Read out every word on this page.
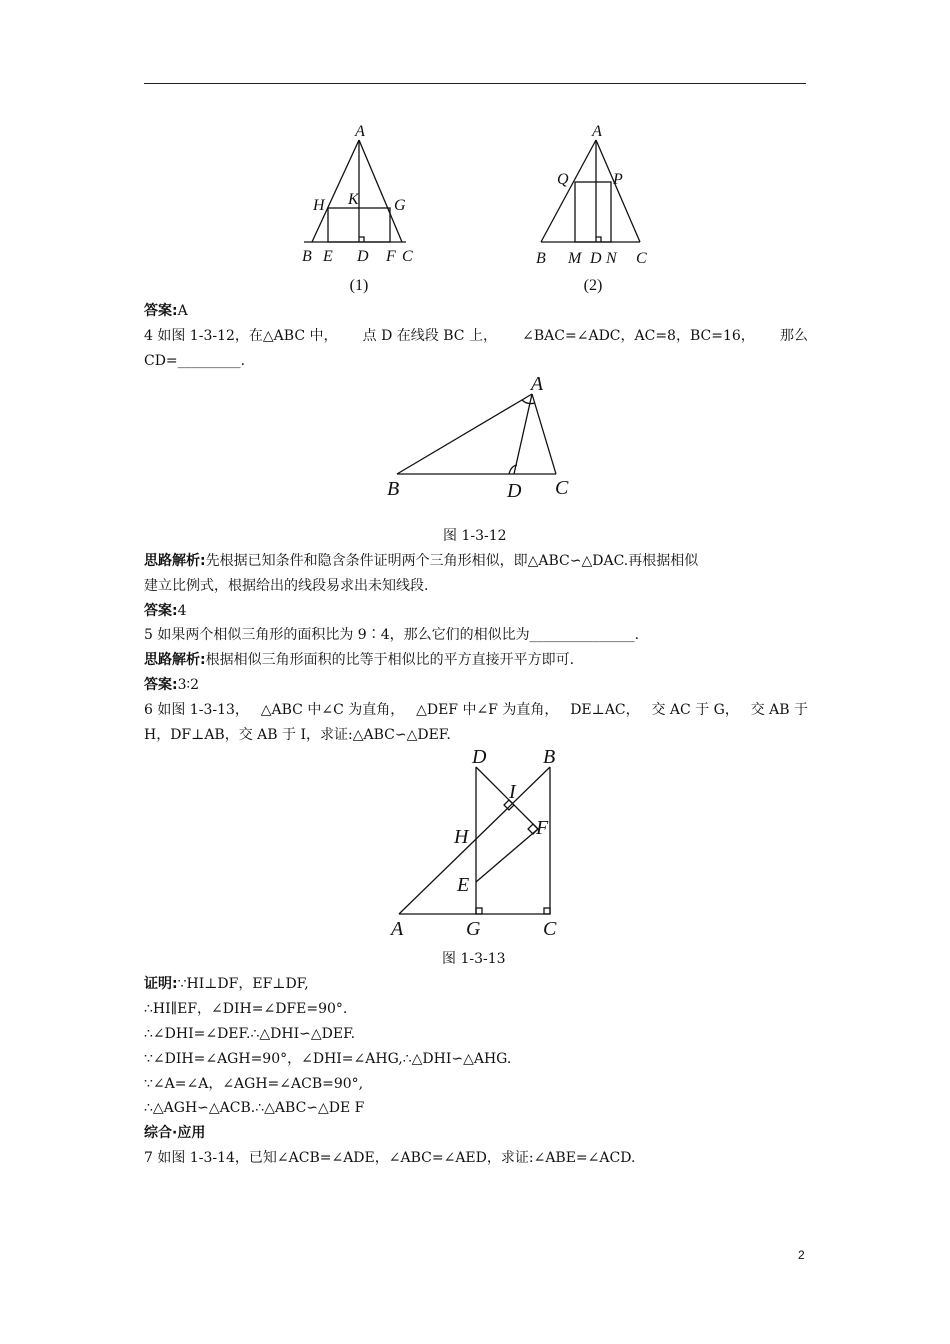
A
H K G
B E D F C
(1)
A
Q	P
B M D N C
(2)
答案:A
4 如图 1-3-12，在△ABC 中， 点 D 在线段 BC 上， ∠BAC=∠ADC，AC=8，BC=16， 那么
CD=_________.
A
B	D C
图 1-3-12
思路解析:先根据已知条件和隐含条件证明两个三角形相似，即△ABC∽△DAC.再根据相似
建立比例式，根据给出的线段易求出未知线段.
答案:4
5 如果两个相似三角形的面积比为 9∶4，那么它们的相似比为_______________.
思路解析:根据相似三角形面积的比等于相似比的平方直接开平方即可.
答案:3∶2
6 如图 1-3-13， △ABC 中∠C 为直角， △DEF 中∠F 为直角， DE⊥AC， 交 AC 于 G， 交 AB 于
H，DF⊥AB，交 AB 于 I，求证:△ABC∽△DEF.
D	B
I
F
H
E
A	G	C
图 1-3-13
证明:∵HI⊥DF，EF⊥DF,
∴HI∥EF，∠DIH=∠DFE=90°.
∴∠DHI=∠DEF.∴△DHI∽△DEF.
∵∠DIH=∠AGH=90°，∠DHI=∠AHG,∴△DHI∽△AHG.
∵∠A=∠A，∠AGH=∠ACB=90°,
∴△AGH∽△ACB.∴△ABC∽△DE F
综合·应用
7 如图 1-3-14，已知∠ACB=∠ADE，∠ABC=∠AED，求证:∠ABE=∠ACD.
2
